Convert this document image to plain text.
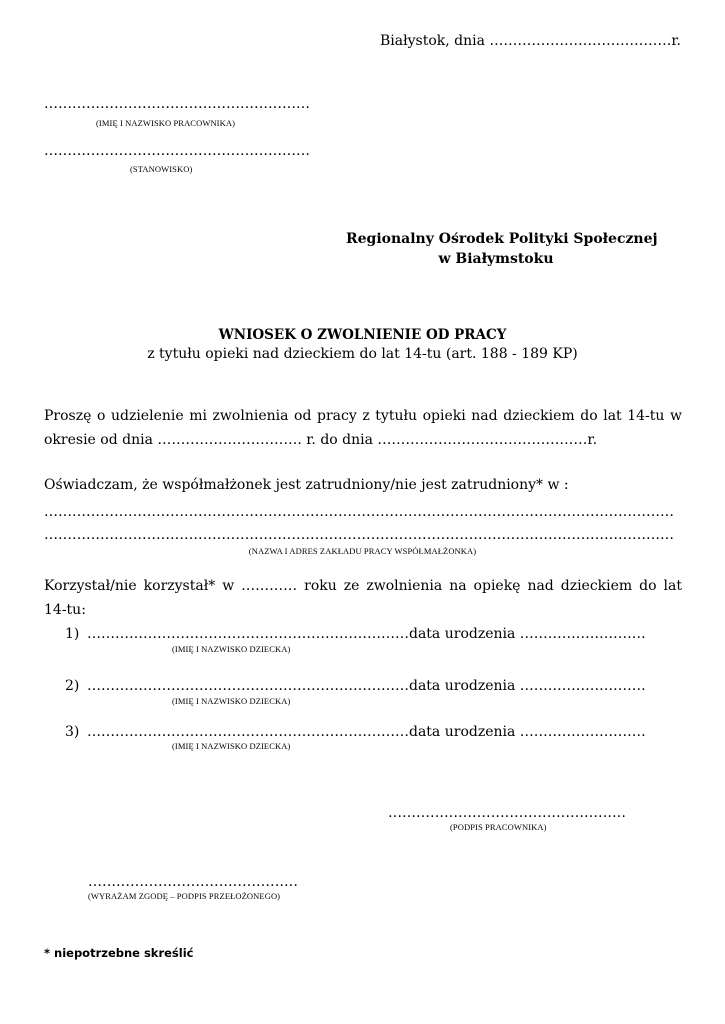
Białystok, dnia …………………………………r.
…………………………………………………
(IMIĘ I NAZWISKO PRACOWNIKA)
…………………………………………………
(STANOWISKO)
Regionalny Ośrodek Polityki Społecznej
w Białymstoku
WNIOSEK O ZWOLNIENIE OD PRACY
z tytułu opieki nad dzieckiem do lat 14-tu (art. 188 - 189 KP)
Proszę o udzielenie mi zwolnienia od pracy z tytułu opieki nad dzieckiem do lat 14-tu w
okresie od dnia …………………………. r. do dnia ………………………………………r.
Oświadczam, że współmałżonek jest zatrudniony/nie jest zatrudniony* w :
………………………………………………………………………………………………………………………
………………………………………………………………………………………………………………………
(NAZWA I ADRES ZAKŁADU PRACY WSPÓŁMAŁŻONKA)
Korzystał/nie korzystał* w ………… roku ze zwolnienia na opiekę nad dzieckiem do lat
14-tu:
1) ……………………………………………………………data urodzenia ………………………
(IMIĘ I NAZWISKO DZIECKA)
2) ……………………………………………………………data urodzenia ………………………
(IMIĘ I NAZWISKO DZIECKA)
3) ……………………………………………………………data urodzenia ………………………
(IMIĘ I NAZWISKO DZIECKA)
……………………………………………
(PODPIS PRACOWNIKA)
………………………………………
(WYRAŻAM ZGODĘ – PODPIS PRZEŁOŻONEGO)
* niepotrzebne skreślić
